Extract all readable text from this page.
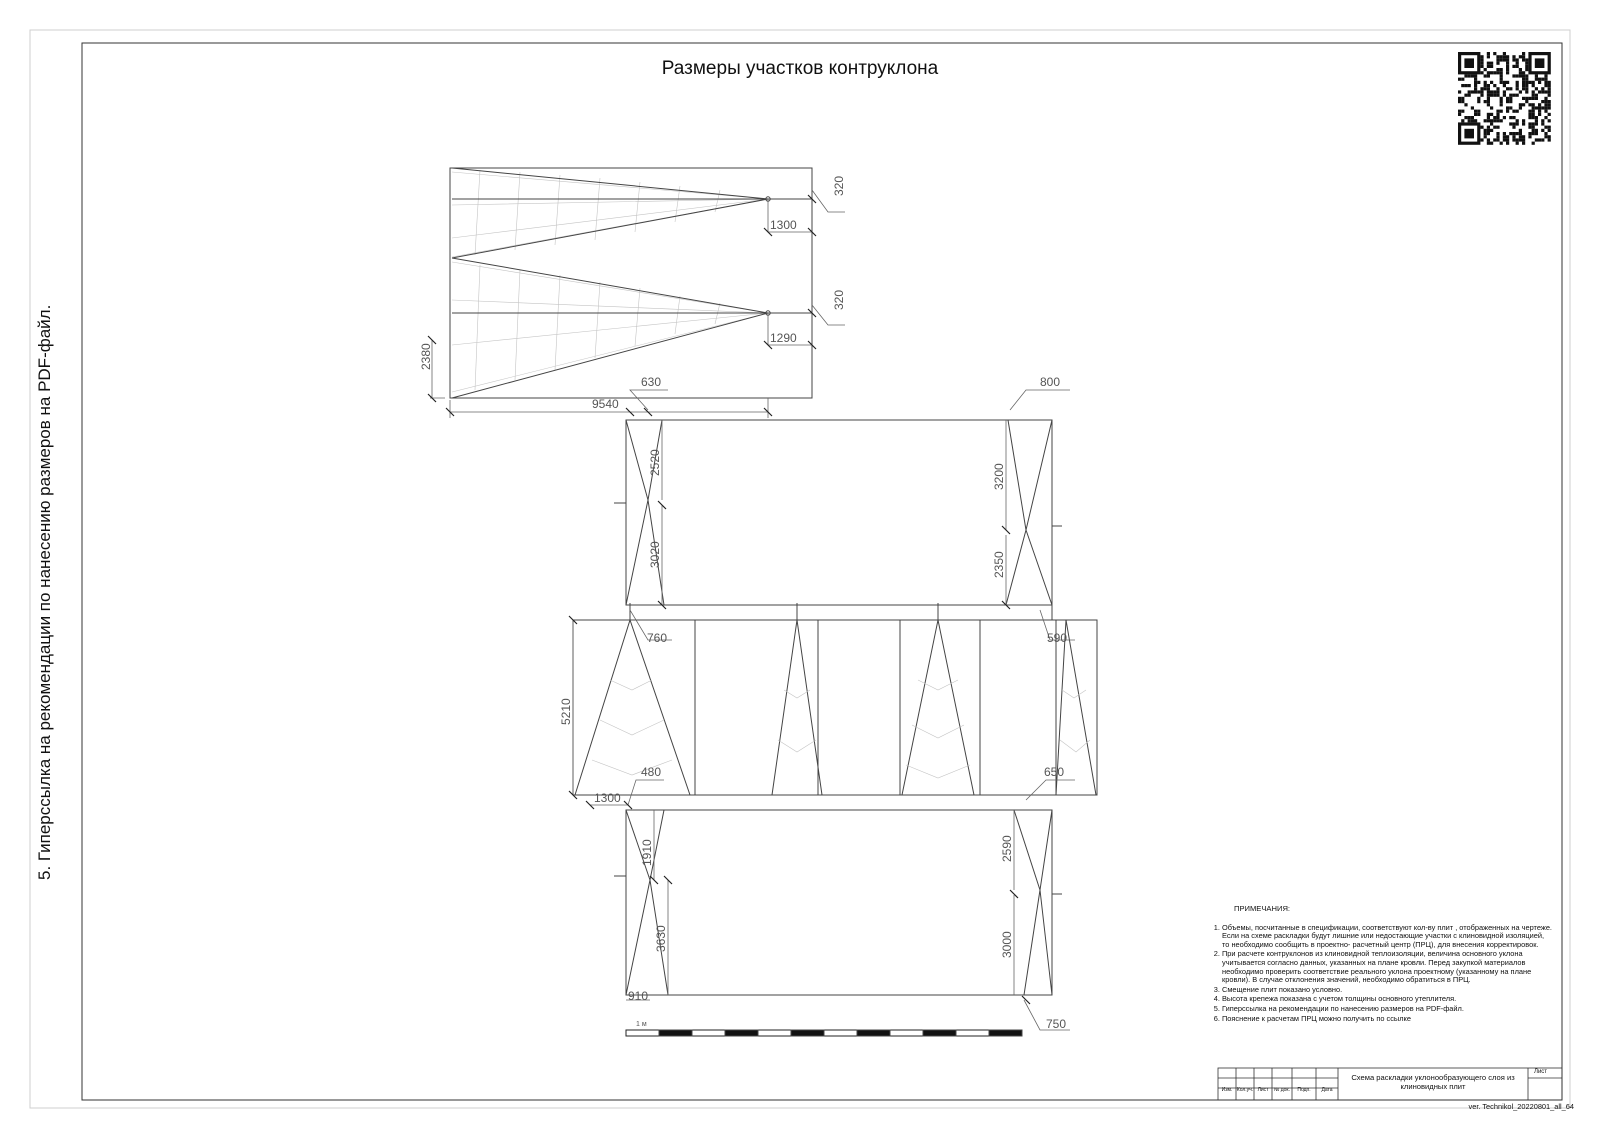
1300
320
1290
320
2380
9540
630	800
2520
3020
3200
2350
760	590
5210
480	650
1300
1910
3630
2590
3000
910
750
1 м
5. Гиперссылка на рекомендации по нанесению размеров на PDF-файл.
Размеры участков контруклона
ПРИМЕЧАНИЯ:
1. Объемы, посчитанные в спецификации, соответствуют кол-ву плит , отображенных на чертеже. Если на схеме раскладки будут лишние или недостающие участки с клиновидной изоляцией, то необходимо сообщить в проектно- расчетный центр (ПРЦ), для внесения корректировок.
2. При расчете контруклонов из клиновидной теплоизоляции, величина основного уклона учитывается согласно данных, указанных на плане кровли. Перед закупкой материалов необходимо проверить соответствие реального уклона проектному (указанному на плане кровли). В случае отклонения значений, необходимо обратиться в ПРЦ.
3. Смещение плит показано условно.
4. Высота крепежа показана с учетом толщины основного утеплителя.
5. Гиперссылка на рекомендации по нанесению размеров на PDF-файл.
6. Пояснение к расчетам ПРЦ можно получить по ссылке
Схема раскладки уклонообразующего слоя из клиновидных плит
Лист
Изм. Кол.уч. Лист	№ док.	Подп.	Дата
ver. Technikol_20220801_all_64
